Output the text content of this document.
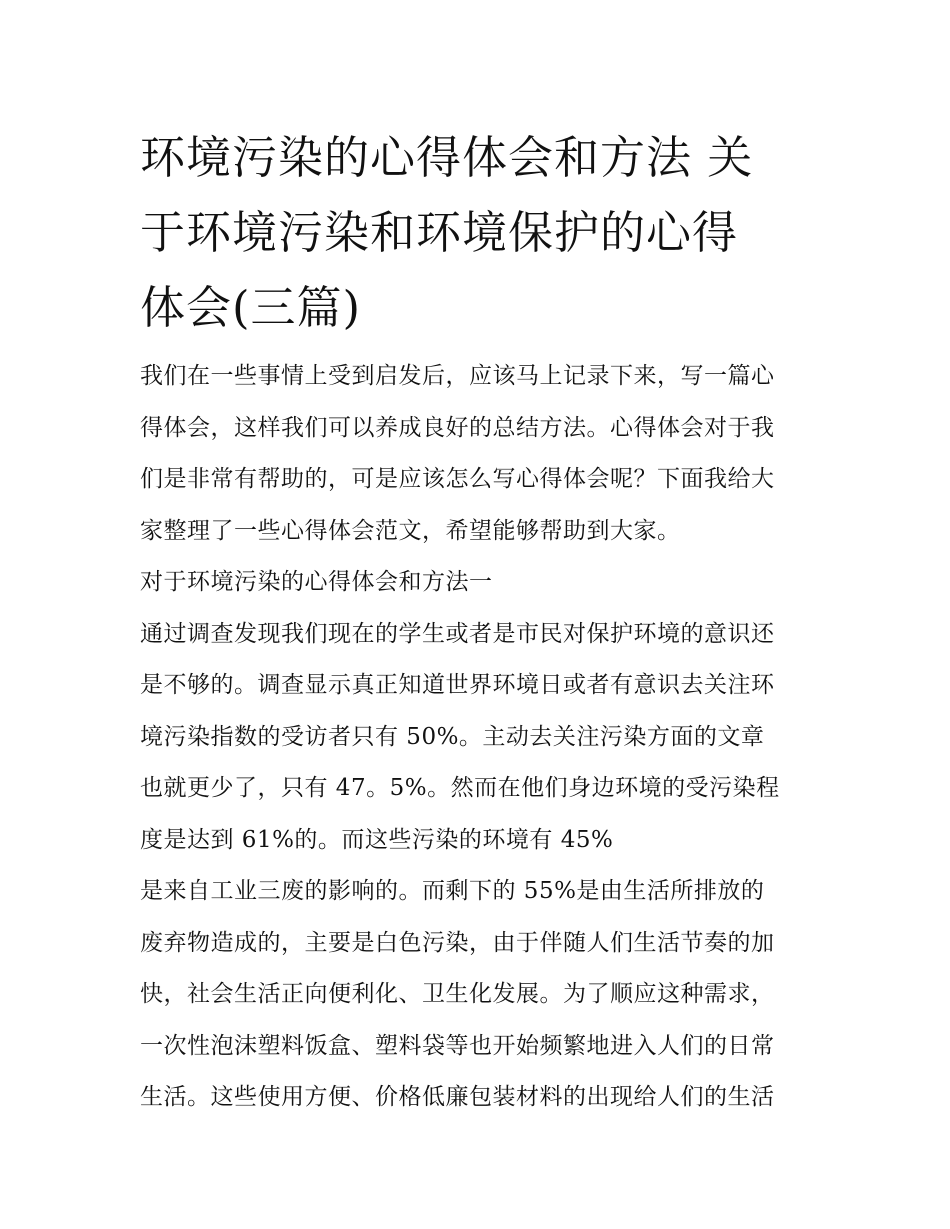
环境污染的心得体会和方法 关
于环境污染和环境保护的心得
体会(三篇)

我们在一些事情上受到启发后，应该马上记录下来，写一篇心
得体会，这样我们可以养成良好的总结方法。心得体会对于我
们是非常有帮助的，可是应该怎么写心得体会呢？下面我给大
家整理了一些心得体会范文，希望能够帮助到大家。

对于环境污染的心得体会和方法一

通过调查发现我们现在的学生或者是市民对保护环境的意识还
是不够的。调查显示真正知道世界环境日或者有意识去关注环
境污染指数的受访者只有 50%。主动去关注污染方面的文章
也就更少了，只有 47。5%。然而在他们身边环境的受污染程
度是达到 61%的。而这些污染的环境有 45%
是来自工业三废的影响的。而剩下的 55%是由生活所排放的
废弃物造成的，主要是白色污染，由于伴随人们生活节奏的加
快，社会生活正向便利化、卫生化发展。为了顺应这种需求，
一次性泡沫塑料饭盒、塑料袋等也开始频繁地进入人们的日常
生活。这些使用方便、价格低廉包装材料的出现给人们的生活
